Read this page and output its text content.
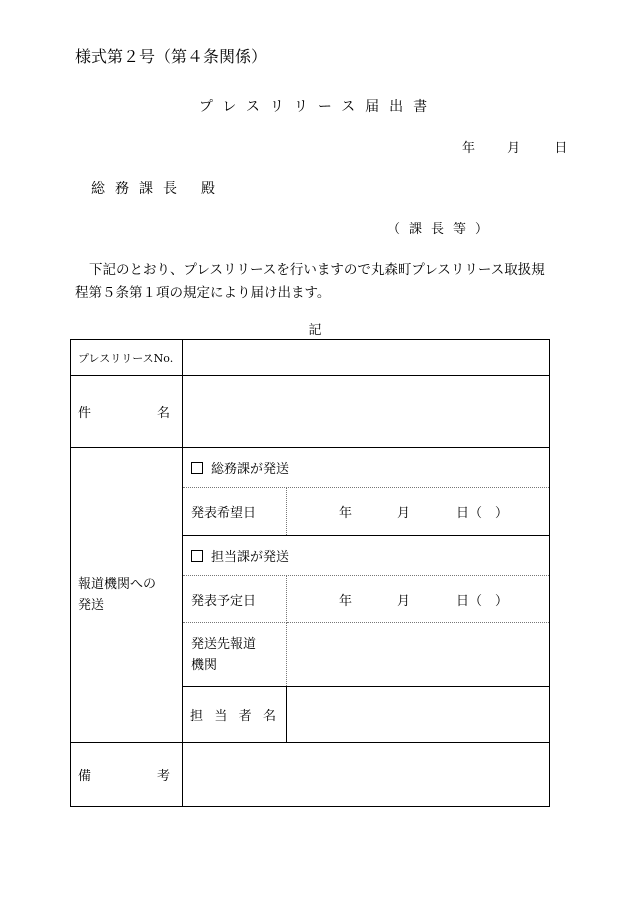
様式第２号（第４条関係）
プレスリリース届出書
年 月	日
総務課長 殿
（課長等）
下記のとおり、プレスリリースを行いますので丸森町プレスリリース取扱規
程第５条第１項の規定により届け出ます。
記
プレスリリースNo.		

件 名		

報道機関への発送	総務課が発送	
	発表希望日	年 月 日（　）
	担当課が発送	
	発表予定日	年 月 日（　）

	発送先報道
機関	

	担 当 者 名	

備 考		
